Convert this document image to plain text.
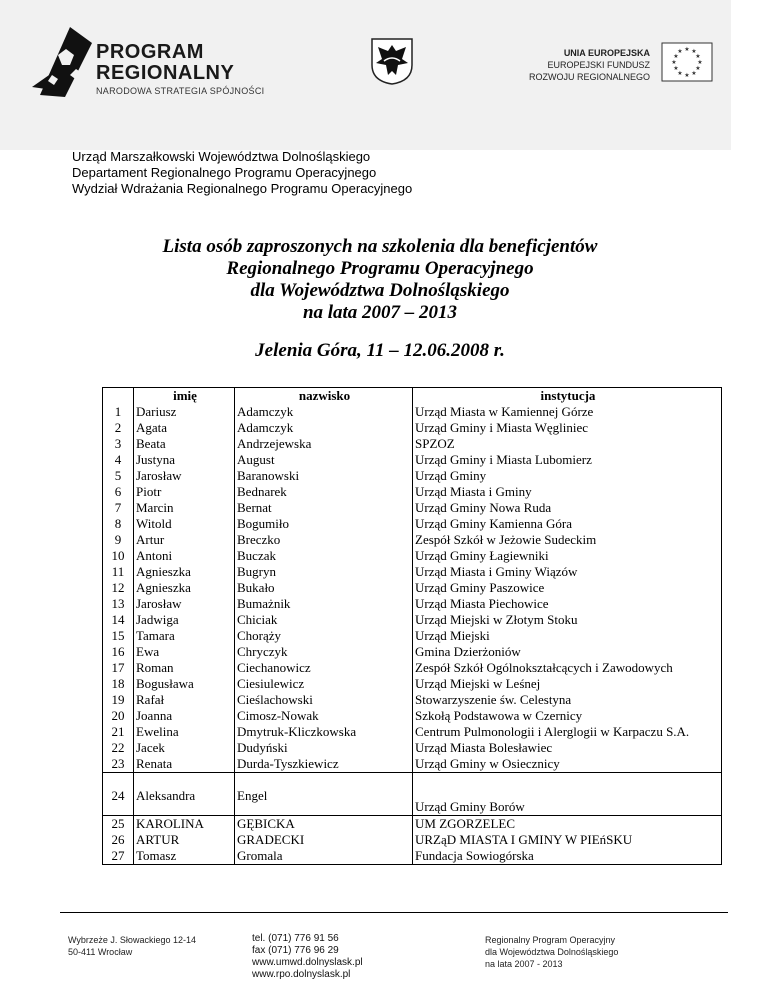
PROGRAM
REGIONALNY
NARODOWA STRATEGIA SPÓJNOŚCI
UNIA EUROPEJSKA
EUROPEJSKI FUNDUSZ
ROZWOJU REGIONALNEGO
★ ★
★
★
★
★
★
★
★
★
★
★
Urząd Marszałkowski Województwa Dolnośląskiego
Departament Regionalnego Programu Operacyjnego
Wydział Wdrażania Regionalnego Programu Operacyjnego
Lista osób zaproszonych na szkolenia dla beneficjentów
Regionalnego Programu Operacyjnego
dla Województwa Dolnośląskiego
na lata 2007 – 2013
Jelenia Góra, 11 – 12.06.2008 r.
	imię	nazwisko	instytucja
1	Dariusz	Adamczyk	Urząd Miasta w Kamiennej Górze
2	Agata	Adamczyk	Urząd Gminy i Miasta Węgliniec
3	Beata	Andrzejewska	SPZOZ
4	Justyna	August	Urząd Gminy i Miasta Lubomierz
5	Jarosław	Baranowski	Urząd Gminy
6	Piotr	Bednarek	Urząd Miasta i Gminy
7	Marcin	Bernat	Urząd Gminy Nowa Ruda
8	Witold	Bogumiło	Urząd Gminy Kamienna Góra
9	Artur	Breczko	Zespół Szkół w Jeżowie Sudeckim
10	Antoni	Buczak	Urząd Gminy Łagiewniki
11	Agnieszka	Bugryn	Urząd Miasta i Gminy Wiązów
12	Agnieszka	Bukało	Urząd Gminy Paszowice
13	Jarosław	Bumażnik	Urząd Miasta Piechowice
14	Jadwiga	Chiciak	Urząd Miejski w Złotym Stoku
15	Tamara	Chorąży	Urząd Miejski
16	Ewa	Chryczyk	Gmina Dzierżoniów
17	Roman	Ciechanowicz	Zespół Szkół Ogólnokształcących i Zawodowych
18	Bogusława	Ciesiulewicz	Urząd Miejski w Leśnej
19	Rafał	Cieślachowski	Stowarzyszenie św. Celestyna
20	Joanna	Cimosz-Nowak	Szkołą Podstawowa w Czernicy
21	Ewelina	Dmytruk-Kliczkowska	Centrum Pulmonologii i Alerglogii w Karpaczu S.A.
22	Jacek	Dudyński	Urząd Miasta Bolesławiec
23	Renata	Durda-Tyszkiewicz	Urząd Gminy w Osiecznicy

24	Aleksandra	Engel	Urząd Gminy Borów
25	KAROLINA	GĘBICKA	UM ZGORZELEC
26	ARTUR	GRADECKI	URZąD MIASTA I GMINY W PIEńSKU
27	Tomasz	Gromala	Fundacja Sowiogórska
Wybrzeże J. Słowackiego 12-14
50-411 Wrocław
tel. (071) 776 91 56
fax (071) 776 96 29
www.umwd.dolnyslask.pl
www.rpo.dolnyslask.pl
Regionalny Program Operacyjny
dla Województwa Dolnośląskiego
na lata 2007 - 2013
